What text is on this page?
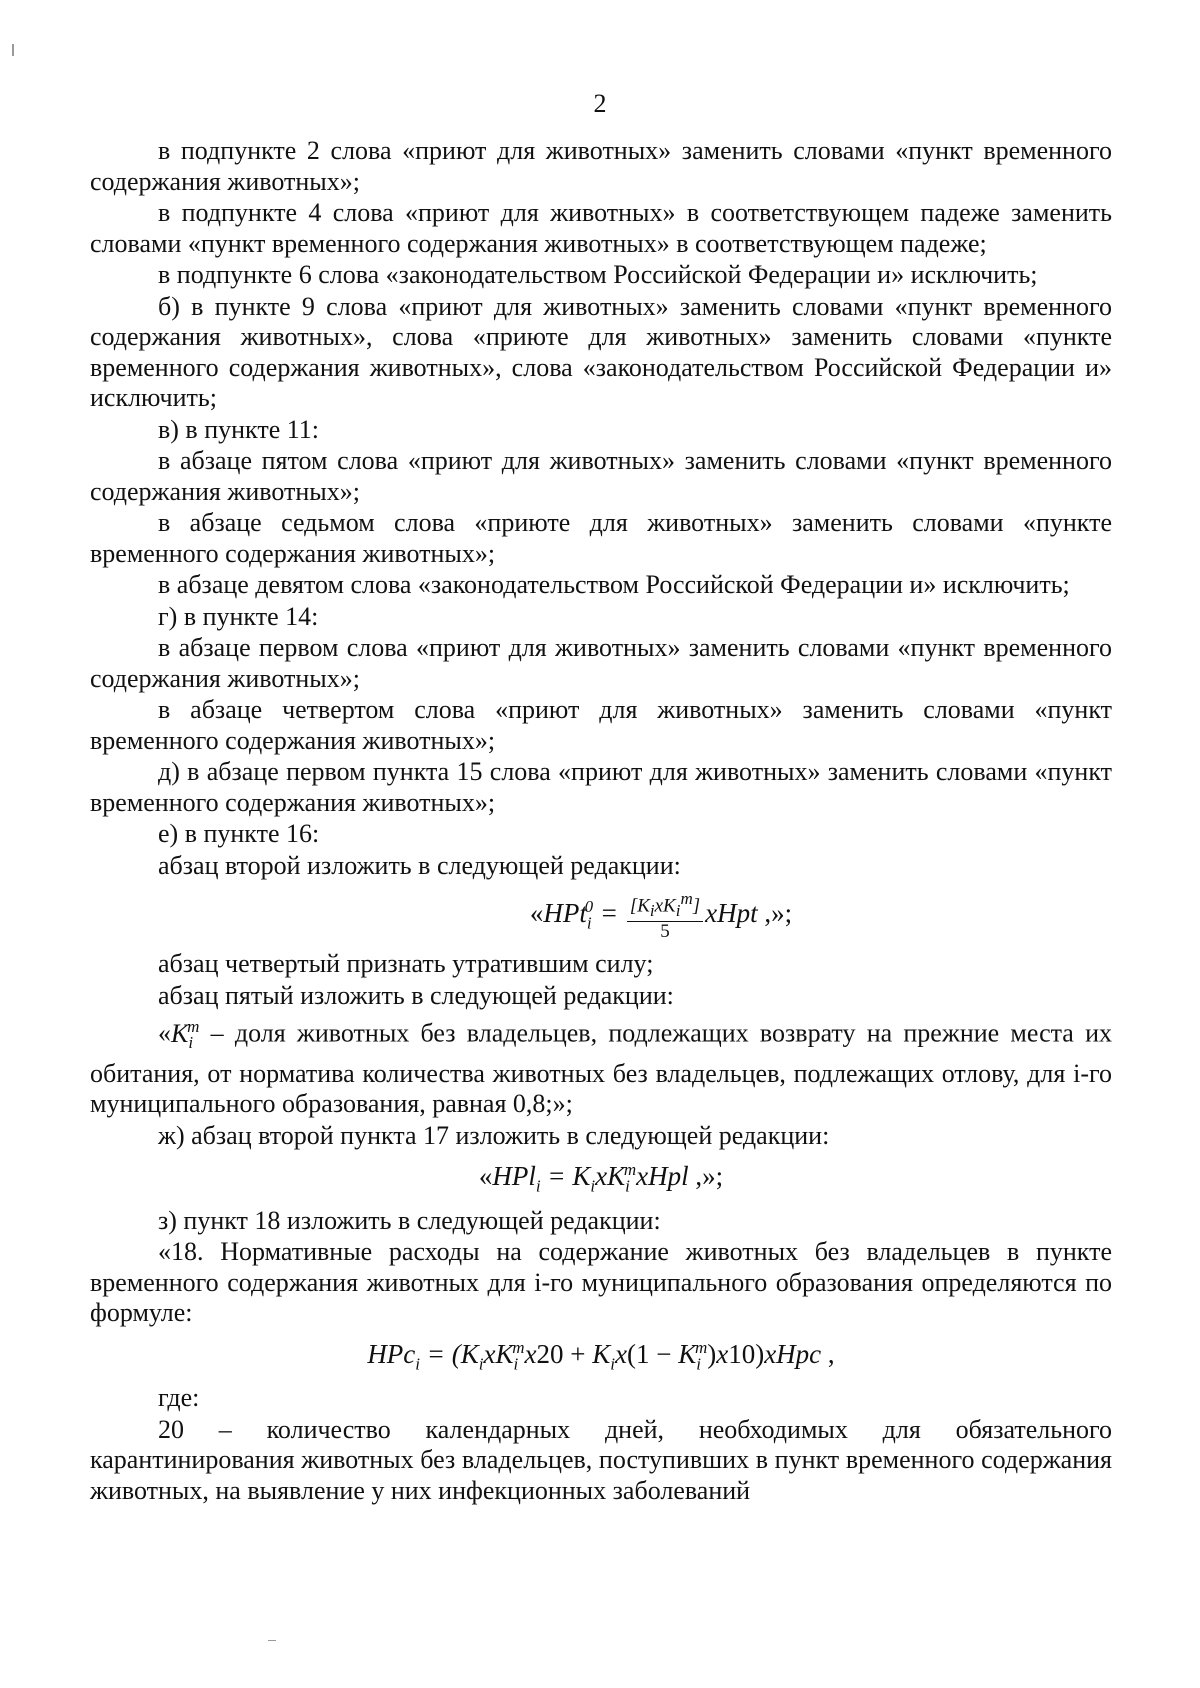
2

в подпункте 2 слова «приют для животных» заменить словами «пункт временного содержания животных»;

в подпункте 4 слова «приют для животных» в соответствующем падеже заменить словами «пункт временного содержания животных» в соответствующем падеже;

в подпункте 6 слова «законодательством Российской Федерации и» исключить;

б) в пункте 9 слова «приют для животных» заменить словами «пункт временного содержания животных», слова «приюте для животных» заменить словами «пункте временного содержания животных», слова «законодательством Российской Федерации и» исключить;

в) в пункте 11:

в абзаце пятом слова «приют для животных» заменить словами «пункт временного содержания животных»;

в абзаце седьмом слова «приюте для животных» заменить словами «пункте временного содержания животных»;

в абзаце девятом слова «законодательством Российской Федерации и» исключить;

г) в пункте 14:

в абзаце первом слова «приют для животных» заменить словами «пункт временного содержания животных»;

в абзаце четвертом слова «приют для животных» заменить словами «пункт временного содержания животных»;

д) в абзаце первом пункта 15 слова «приют для животных» заменить словами «пункт временного содержания животных»;

е) в пункте 16:

абзац второй изложить в следующей редакции:

«$HPt_i^0 = \frac{[K_ixK_i^m]}{5}$ xHpt ,»;

абзац четвертый признать утратившим силу;

абзац пятый изложить в следующей редакции:

«$K_i^m$ – доля животных без владельцев, подлежащих возврату на прежние места их обитания, от норматива количества животных без владельцев, подлежащих отлову, для i-го муниципального образования, равная 0,8;»;

ж) абзац второй пункта 17 изложить в следующей редакции:

«$HPl_i = K_ixK_i^mxHpl$ ,»;

з) пункт 18 изложить в следующей редакции:

«18. Нормативные расходы на содержание животных без владельцев в пункте временного содержания животных для i-го муниципального образования определяются по формуле:

$HPc_i = (K_ixK_i^mx20 + K_ix(1$ − $K_i^m)x10)xHpc$ ,

где:

20 – количество календарных дней, необходимых для обязательного карантинирования животных без владельцев, поступивших в пункт временного содержания животных, на выявление у них инфекционных заболеваний
